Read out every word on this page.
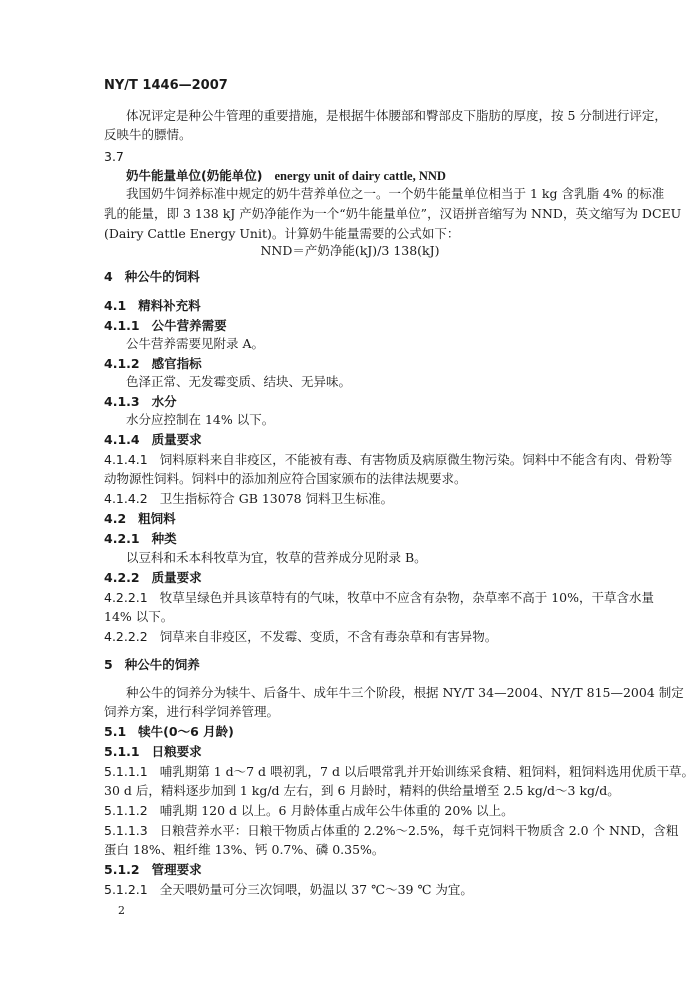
NY/T 1446—2007
体况评定是种公牛管理的重要措施，是根据牛体腰部和臀部皮下脂肪的厚度，按 5 分制进行评定，
反映牛的膘情。
3.7
奶牛能量单位(奶能单位) energy unit of dairy cattle, NND
我国奶牛饲养标准中规定的奶牛营养单位之一。一个奶牛能量单位相当于 1 kg 含乳脂 4% 的标准
乳的能量，即 3 138 kJ 产奶净能作为一个“奶牛能量单位”，汉语拼音缩写为 NND，英文缩写为 DCEU
(Dairy Cattle Energy Unit)。计算奶牛能量需要的公式如下：
NND＝产奶净能(kJ)/3 138(kJ)
4 种公牛的饲料
4.1 精料补充料
4.1.1 公牛营养需要
公牛营养需要见附录 A。
4.1.2 感官指标
色泽正常、无发霉变质、结块、无异味。
4.1.3 水分
水分应控制在 14% 以下。
4.1.4 质量要求
4.1.4.1 饲料原料来自非疫区，不能被有毒、有害物质及病原微生物污染。饲料中不能含有肉、骨粉等
动物源性饲料。饲料中的添加剂应符合国家颁布的法律法规要求。
4.1.4.2 卫生指标符合 GB 13078 饲料卫生标准。
4.2 粗饲料
4.2.1 种类
以豆科和禾本科牧草为宜，牧草的营养成分见附录 B。
4.2.2 质量要求
4.2.2.1 牧草呈绿色并具该草特有的气味，牧草中不应含有杂物，杂草率不高于 10%，干草含水量
14% 以下。
4.2.2.2 饲草来自非疫区，不发霉、变质，不含有毒杂草和有害异物。
5 种公牛的饲养
种公牛的饲养分为犊牛、后备牛、成年牛三个阶段，根据 NY/T 34—2004、NY/T 815—2004 制定
饲养方案，进行科学饲养管理。
5.1 犊牛(0～6 月龄)
5.1.1 日粮要求
5.1.1.1 哺乳期第 1 d～7 d 喂初乳，7 d 以后喂常乳并开始训练采食精、粗饲料，粗饲料选用优质干草。
30 d 后，精料逐步加到 1 kg/d 左右，到 6 月龄时，精料的供给量增至 2.5 kg/d～3 kg/d。
5.1.1.2 哺乳期 120 d 以上。6 月龄体重占成年公牛体重的 20% 以上。
5.1.1.3 日粮营养水平：日粮干物质占体重的 2.2%～2.5%，每千克饲料干物质含 2.0 个 NND，含粗
蛋白 18%、粗纤维 13%、钙 0.7%、磷 0.35%。
5.1.2 管理要求
5.1.2.1 全天喂奶量可分三次饲喂，奶温以 37 ℃～39 ℃ 为宜。
2
